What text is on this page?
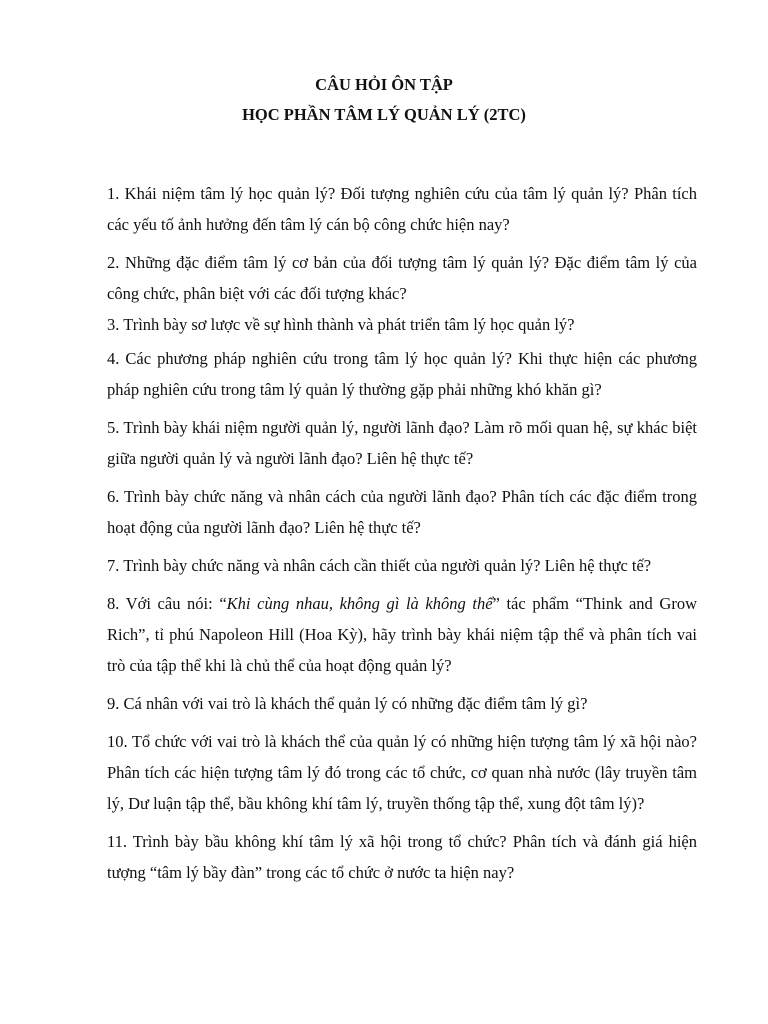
CÂU HỎI ÔN TẬP

HỌC PHẦN TÂM LÝ QUẢN LÝ (2TC)

1. Khái niệm tâm lý học quản lý? Đối tượng nghiên cứu của tâm lý quản lý? Phân tích các yếu tố ảnh hưởng đến tâm lý cán bộ công chức hiện nay?

2. Những đặc điểm tâm lý cơ bản của đối tượng tâm lý quản lý? Đặc điểm tâm lý của công chức, phân biệt với các đối tượng khác?

3. Trình bày sơ lược về sự hình thành và phát triển tâm lý học quản lý?

4. Các phương pháp nghiên cứu trong tâm lý học quản lý? Khi thực hiện các phương pháp nghiên cứu trong tâm lý quản lý thường gặp phải những khó khăn gì?

5. Trình bày khái niệm người quản lý, người lãnh đạo? Làm rõ mối quan hệ, sự khác biệt giữa người quản lý và người lãnh đạo? Liên hệ thực tế?

6. Trình bày chức năng và nhân cách của người lãnh đạo? Phân tích các đặc điểm trong hoạt động của người lãnh đạo? Liên hệ thực tế?

7. Trình bày chức năng và nhân cách cần thiết của người quản lý? Liên hệ thực tế?

8. Với câu nói: “Khi cùng nhau, không gì là không thể” tác phẩm “Think and Grow Rich”, tỉ phú Napoleon Hill (Hoa Kỳ), hãy trình bày khái niệm tập thể và phân tích vai trò của tập thể khi là chủ thể của hoạt động quản lý?

9. Cá nhân với vai trò là khách thể quản lý có những đặc điểm tâm lý gì?

10. Tổ chức với vai trò là khách thể của quản lý có những hiện tượng tâm lý xã hội nào? Phân tích các hiện tượng tâm lý đó trong các tổ chức, cơ quan nhà nước (lây truyền tâm lý, Dư luận tập thể, bầu không khí tâm lý, truyền thống tập thể, xung đột tâm lý)?

11. Trình bày bầu không khí tâm lý xã hội trong tổ chức? Phân tích và đánh giá hiện tượng “tâm lý bầy đàn” trong các tổ chức ở nước ta hiện nay?
